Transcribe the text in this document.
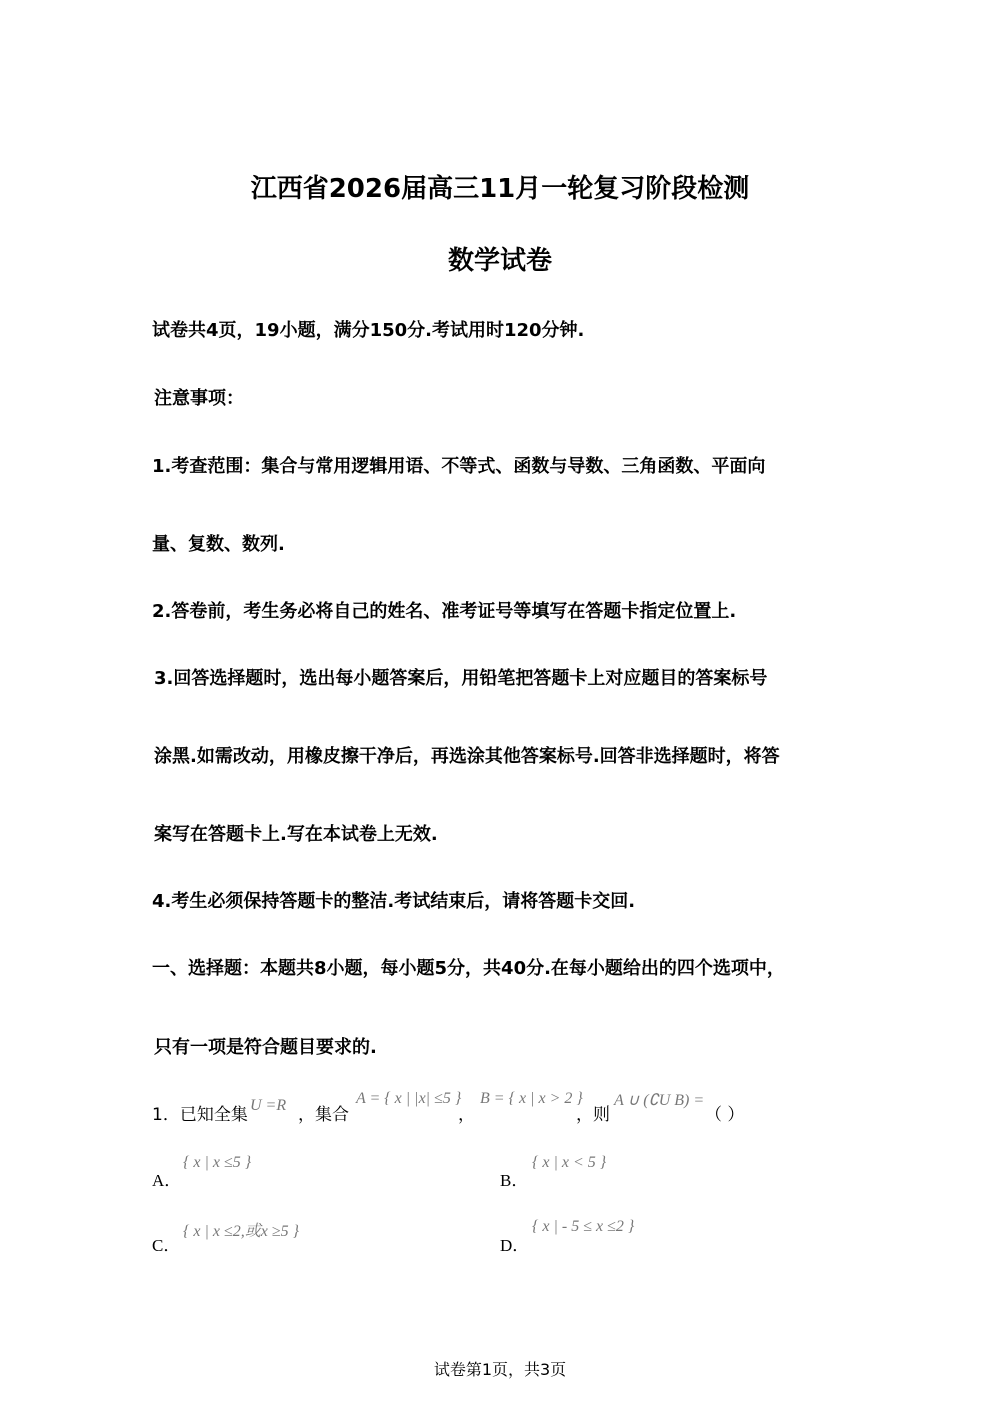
江西省2026届高三11月一轮复习阶段检测
数学试卷
试卷共4页，19小题，满分150分.考试用时120分钟.
注意事项：
1.考查范围：集合与常用逻辑用语、不等式、函数与导数、三角函数、平面向
量、复数、数列.
2.答卷前，考生务必将自己的姓名、准考证号等填写在答题卡指定位置上.
3.回答选择题时，选出每小题答案后，用铅笔把答题卡上对应题目的答案标号
涂黑.如需改动，用橡皮擦干净后，再选涂其他答案标号.回答非选择题时，将答
案写在答题卡上.写在本试卷上无效.
4.考生必须保持答题卡的整洁.考试结束后，请将答题卡交回.
一、选择题：本题共8小题，每小题5分，共40分.在每小题给出的四个选项中，
只有一项是符合题目要求的.
1．已知全集 U =R ，集合
A = { x | |x| ≤5 }
，
B = { x | x > 2 }
，则
A ∪ (∁U B) =
（ ）
A．
{ x | x ≤5 }
B．
{ x | x < 5 }
C．
{ x | x ≤2,或x ≥5 }
D．
{ x | - 5 ≤ x ≤2 }
试卷第1页，共3页
